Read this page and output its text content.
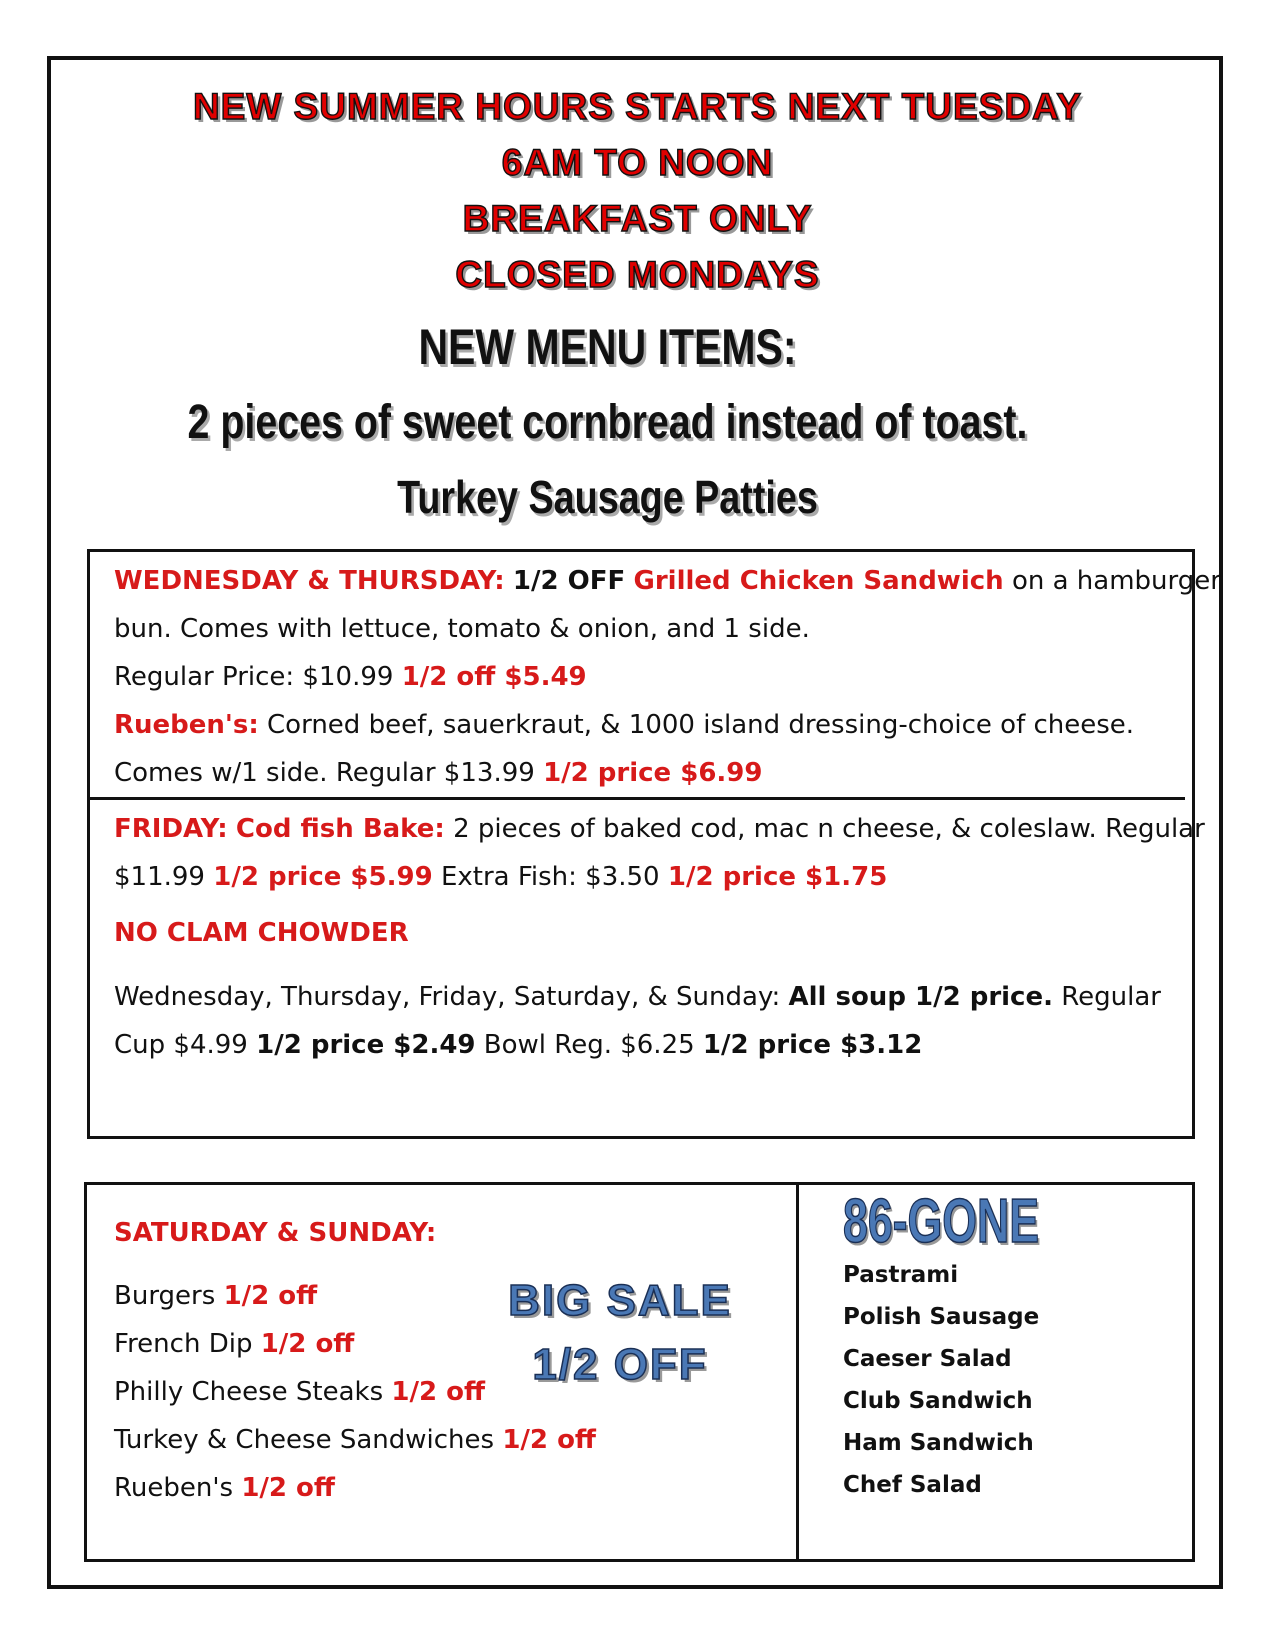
NEW SUMMER HOURS STARTS NEXT TUESDAY
6AM TO NOON
BREAKFAST ONLY
CLOSED MONDAYS
NEW MENU ITEMS:
2 pieces of sweet cornbread instead of toast.
Turkey Sausage Patties
WEDNESDAY & THURSDAY: 1/2 OFF Grilled Chicken Sandwich on a hamburger
bun. Comes with lettuce, tomato & onion, and 1 side.
Regular Price: $10.99 1/2 off $5.49
Rueben's: Corned beef, sauerkraut, & 1000 island dressing-choice of cheese.
Comes w/1 side. Regular $13.99 1/2 price $6.99
FRIDAY: Cod fish Bake: 2 pieces of baked cod, mac n cheese, & coleslaw. Regular
$11.99 1/2 price $5.99 Extra Fish: $3.50 1/2 price $1.75
NO CLAM CHOWDER
Wednesday, Thursday, Friday, Saturday, & Sunday: All soup 1/2 price. Regular
Cup $4.99 1/2 price $2.49 Bowl Reg. $6.25 1/2 price $3.12
SATURDAY & SUNDAY:
Burgers 1/2 off
French Dip 1/2 off
Philly Cheese Steaks 1/2 off
Turkey & Cheese Sandwiches 1/2 off
Rueben's 1/2 off
BIG SALE
1/2 OFF
86-GONE
Pastrami
Polish Sausage
Caeser Salad
Club Sandwich
Ham Sandwich
Chef Salad
